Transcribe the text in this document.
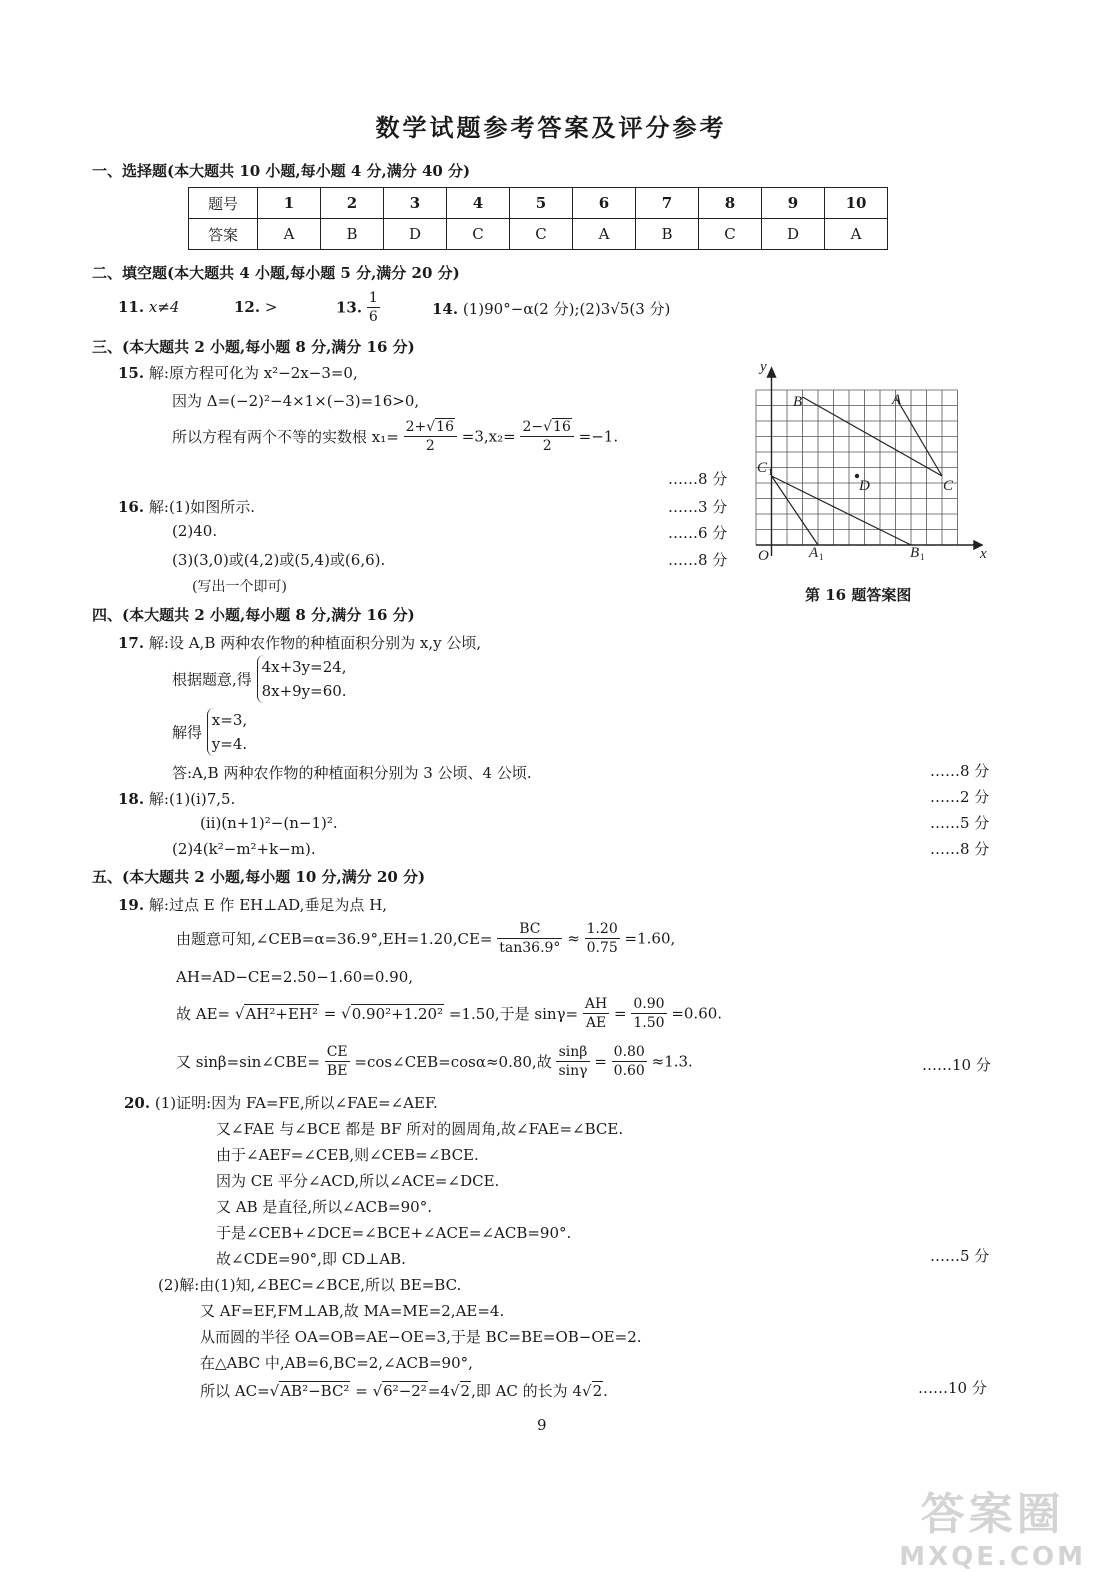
数学试题参考答案及评分参考
一、选择题(本大题共 10 小题,每小题 4 分,满分 40 分)
题号	1	2	3	4	5	6	7	8	9	10
答案	A	B	D	C	C	A	B	C	D	A
二、填空题(本大题共 4 小题,每小题 5 分,满分 20 分)
11. x≠4	12. >	13. $\frac{1}{6}$	14. (1)90°−α(2 分);(2)3√5(3 分)
三、(本大题共 2 小题,每小题 8 分,满分 16 分)
15. 解:原方程可化为 x²−2x−3=0,
因为 Δ=(−2)²−4×1×(−3)=16>0,
所以方程有两个不等的实数根 $x_1= \frac{2+√16}{2} =3,x_2= \frac{2-√16}{2} =-1$.
……8 分
16. 解:(1)如图所示.	……3 分
(2)40.	……6 分
(3)(3,0)或(4,2)或(5,4)或(6,6).	……8 分
(写出一个即可)
y
x
O
B	A
C
D
C
A	B
1
1	1
第 16 题答案图
四、(本大题共 2 小题,每小题 8 分,满分 16 分)
17. 解:设 A,B 两种农作物的种植面积分别为 x,y 公顷,
根据题意,得
4x+3y=24,
8x+9y=60.
解得
x=3,
y=4.
答:A,B 两种农作物的种植面积分别为 3 公顷、4 公顷.	……8 分
18. 解:(1)(i)7,5.	……2 分
(ii)(n+1)²−(n−1)².	……5 分
(2)4(k²−m²+k−m).	……8 分
五、(本大题共 2 小题,每小题 10 分,满分 20 分)
19. 解:过点 E 作 EH⊥AD,垂足为点 H,
由题意可知,∠CEB=α=36.9°,EH=1.20,CE= $\frac{BC}{\tan 36.9^\circ} \approx \frac{1.20}{0.75} =1.60$,
AH=AD−CE=2.50−1.60=0.90,
故 AE= √AH²+EH² = √0.90²+1.20² =1.50,于是 $\sin\gamma= \frac{AH}{AE} = \frac{0.90}{1.50} =0.60$.
又 sinβ=sin∠CBE= $\frac{CE}{BE}$ =cos∠CEB=cosα≈0.80,故 $\frac{\sin\beta}{\sin\gamma} = \frac{0.80}{0.60} \approx 1.3$.	……10 分
20. (1)证明:因为 FA=FE,所以∠FAE=∠AEF.
又∠FAE 与∠BCE 都是 BF 所对的圆周角,故∠FAE=∠BCE.
由于∠AEF=∠CEB,则∠CEB=∠BCE.
因为 CE 平分∠ACD,所以∠ACE=∠DCE.
又 AB 是直径,所以∠ACB=90°.
于是∠CEB+∠DCE=∠BCE+∠ACE=∠ACB=90°.
故∠CDE=90°,即 CD⊥AB.	……5 分
(2)解:由(1)知,∠BEC=∠BCE,所以 BE=BC.
又 AF=EF,FM⊥AB,故 MA=ME=2,AE=4.
从而圆的半径 OA=OB=AE−OE=3,于是 BC=BE=OB−OE=2.
在△ABC 中,AB=6,BC=2,∠ACB=90°,
所以 AC=√AB²−BC² = √6²−2²=4√2,即 AC 的长为 4√2.	……10 分
9
答案圈
MXQE.COM
